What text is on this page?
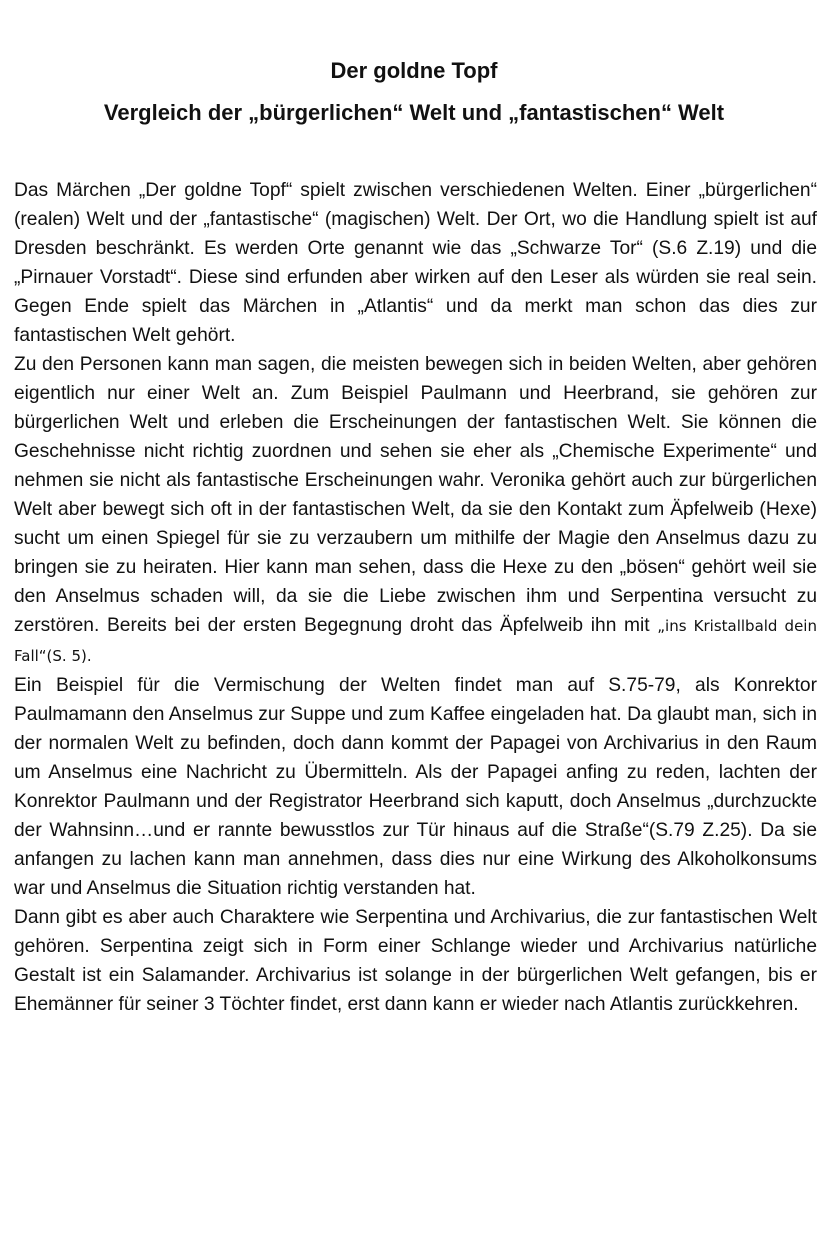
Der goldne Topf
Vergleich der „bürgerlichen“ Welt und „fantastischen“ Welt

Das Märchen „Der goldne Topf“ spielt zwischen verschiedenen Welten. Einer „bürgerlichen“ (realen) Welt und der „fantastische“ (magischen) Welt. Der Ort, wo die Handlung spielt ist auf Dresden beschränkt. Es werden Orte genannt wie das „Schwarze Tor“ (S.6 Z.19) und die „Pirnauer Vorstadt“. Diese sind erfunden aber wirken auf den Leser als würden sie real sein. Gegen Ende spielt das Märchen in „Atlantis“ und da merkt man schon das dies zur fantastischen Welt gehört.

Zu den Personen kann man sagen, die meisten bewegen sich in beiden Welten, aber gehören eigentlich nur einer Welt an. Zum Beispiel Paulmann und Heerbrand, sie gehören zur bürgerlichen Welt und erleben die Erscheinungen der fantastischen Welt. Sie können die Geschehnisse nicht richtig zuordnen und sehen sie eher als „Chemische Experimente“ und nehmen sie nicht als fantastische Erscheinungen wahr. Veronika gehört auch zur bürgerlichen Welt aber bewegt sich oft in der fantastischen Welt, da sie den Kontakt zum Äpfelweib (Hexe) sucht um einen Spiegel für sie zu verzaubern um mithilfe der Magie den Anselmus dazu zu bringen sie zu heiraten. Hier kann man sehen, dass die Hexe zu den „bösen“ gehört weil sie den Anselmus schaden will, da sie die Liebe zwischen ihm und Serpentina versucht zu zerstören. Bereits bei der ersten Begegnung droht das Äpfelweib ihn mit „ins Kristallbald dein Fall“(S. 5).

Ein Beispiel für die Vermischung der Welten findet man auf S.75-79, als Konrektor Paulmamann den Anselmus zur Suppe und zum Kaffee eingeladen hat. Da glaubt man, sich in der normalen Welt zu befinden, doch dann kommt der Papagei von Archivarius in den Raum um Anselmus eine Nachricht zu Übermitteln. Als der Papagei anfing zu reden, lachten der Konrektor Paulmann und der Registrator Heerbrand sich kaputt, doch Anselmus „durchzuckte der Wahnsinn…und er rannte bewusstlos zur Tür hinaus auf die Straße“(S.79 Z.25). Da sie anfangen zu lachen kann man annehmen, dass dies nur eine Wirkung des Alkoholkonsums war und Anselmus die Situation richtig verstanden hat.

Dann gibt es aber auch Charaktere wie Serpentina und Archivarius, die zur fantastischen Welt gehören. Serpentina zeigt sich in Form einer Schlange wieder und Archivarius natürliche Gestalt ist ein Salamander. Archivarius ist solange in der bürgerlichen Welt gefangen, bis er Ehemänner für seiner 3 Töchter findet, erst dann kann er wieder nach Atlantis zurückkehren.
